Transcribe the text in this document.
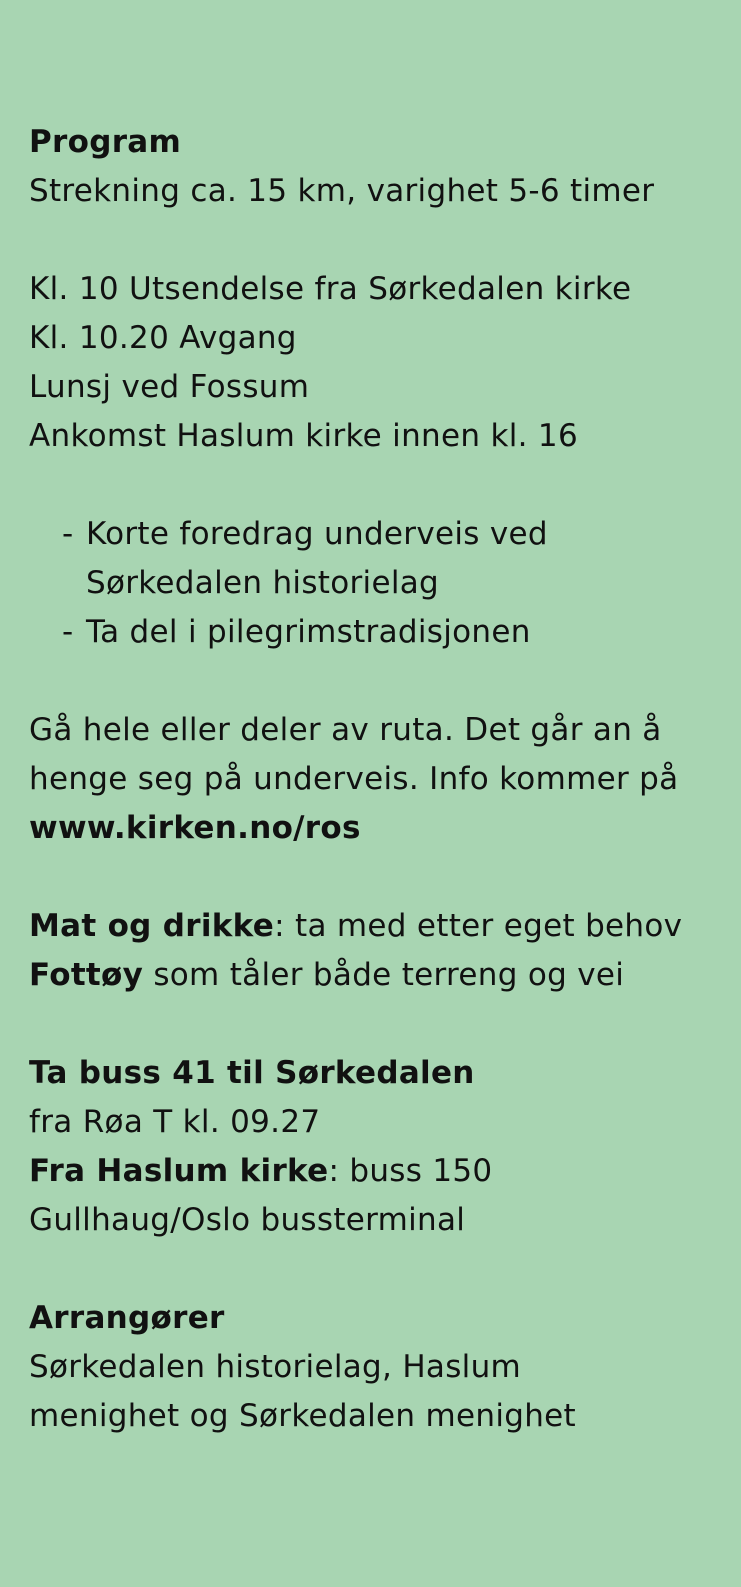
Program
Strekning ca. 15 km, varighet 5-6 timer
Kl. 10 Utsendelse fra Sørkedalen kirke
Kl. 10.20 Avgang
Lunsj ved Fossum
Ankomst Haslum kirke innen kl. 16
- Korte foredrag underveis ved
Sørkedalen historielag
- Ta del i pilegrimstradisjonen
Gå hele eller deler av ruta. Det går an å
henge seg på underveis. Info kommer på
www.kirken.no/ros
Mat og drikke: ta med etter eget behov
Fottøy som tåler både terreng og vei
Ta buss 41 til Sørkedalen
fra Røa T kl. 09.27
Fra Haslum kirke: buss 150
Gullhaug/Oslo bussterminal
Arrangører
Sørkedalen historielag, Haslum
menighet og Sørkedalen menighet
